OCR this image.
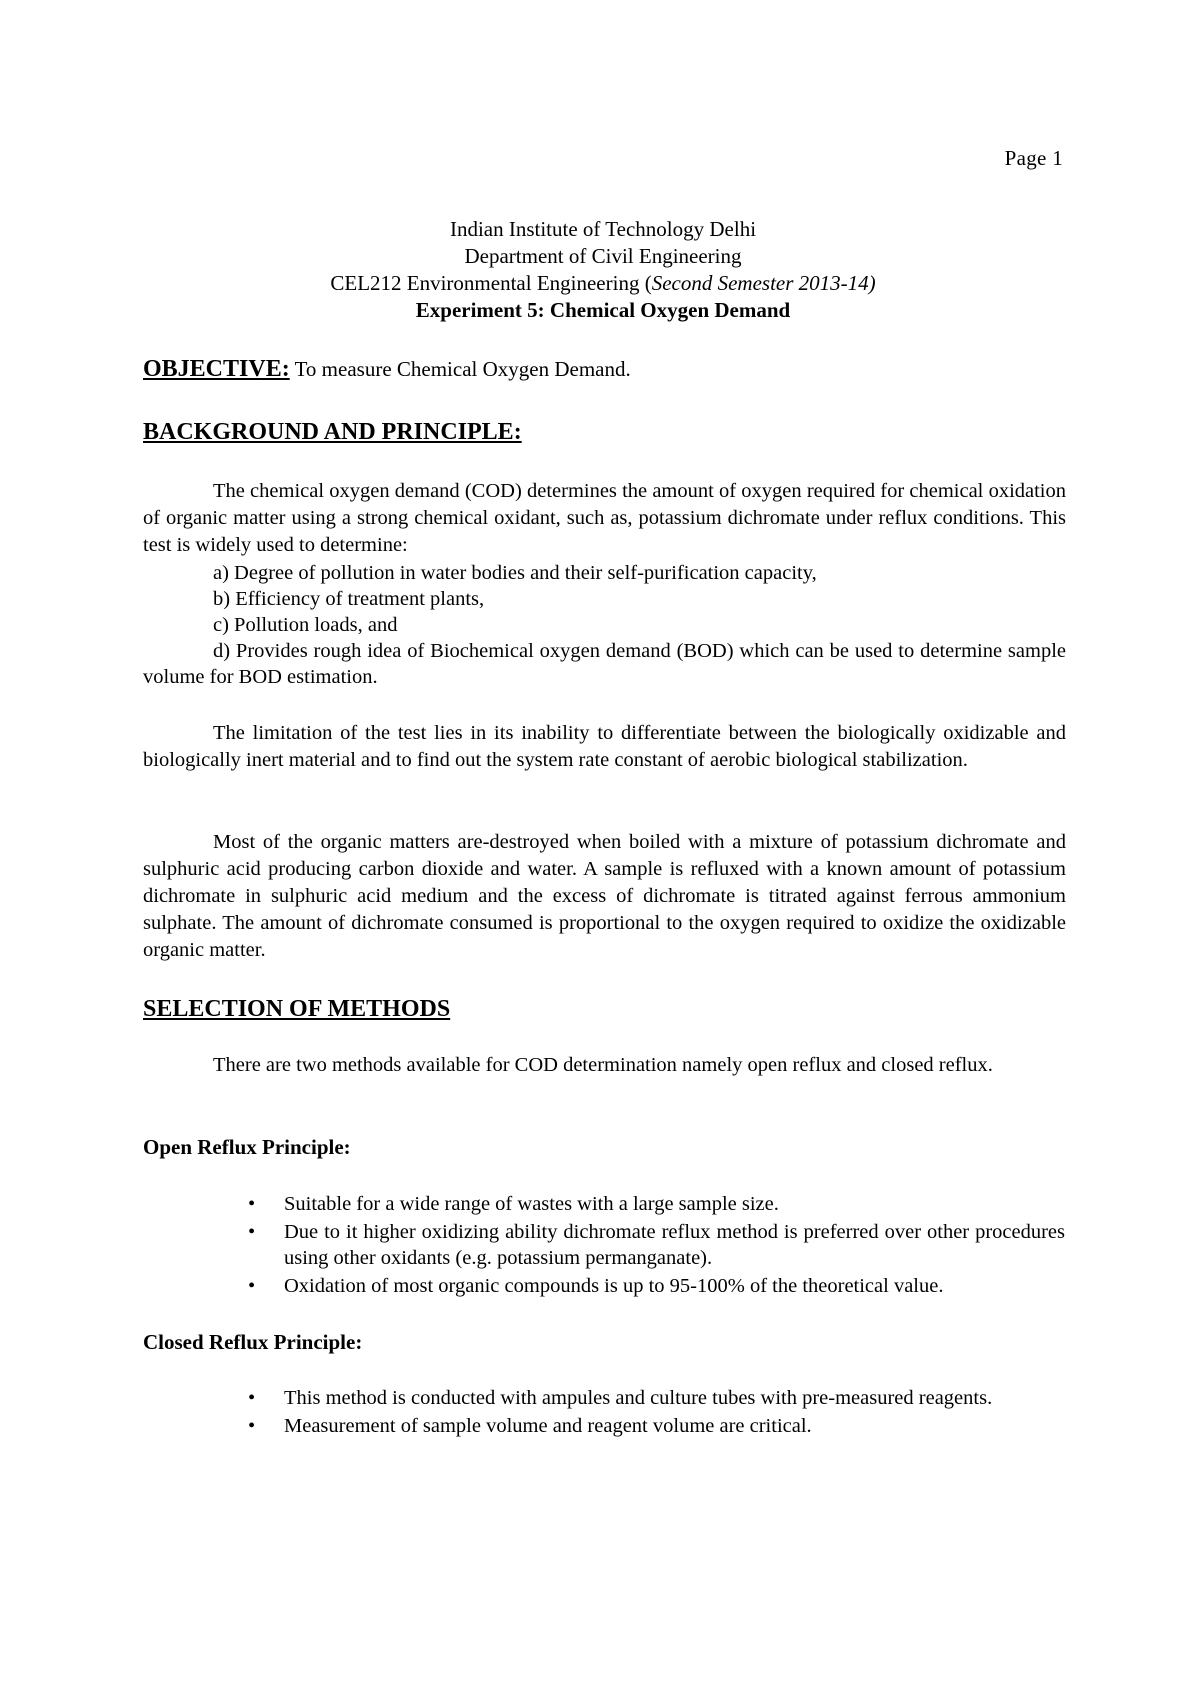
Page 1
Indian Institute of Technology Delhi
Department of Civil Engineering
CEL212 Environmental Engineering (Second Semester 2013-14)
Experiment 5: Chemical Oxygen Demand
OBJECTIVE: To measure Chemical Oxygen Demand.
BACKGROUND AND PRINCIPLE:

The chemical oxygen demand (COD) determines the amount of oxygen required for chemical oxidation of organic matter using a strong chemical oxidant, such as, potassium dichromate under reflux conditions. This test is widely used to determine:

a) Degree of pollution in water bodies and their self-purification capacity,
b) Efficiency of treatment plants,
c) Pollution loads, and

d) Provides rough idea of Biochemical oxygen demand (BOD) which can be used to determine sample volume for BOD estimation.

The limitation of the test lies in its inability to differentiate between the biologically oxidizable and biologically inert material and to find out the system rate constant of aerobic biological stabilization.

Most of the organic matters are-destroyed when boiled with a mixture of potassium dichromate and sulphuric acid producing carbon dioxide and water. A sample is refluxed with a known amount of potassium dichromate in sulphuric acid medium and the excess of dichromate is titrated against ferrous ammonium sulphate. The amount of dichromate consumed is proportional to the oxygen required to oxidize the oxidizable organic matter.

SELECTION OF METHODS

There are two methods available for COD determination namely open reflux and closed reflux.

Open Reflux Principle:
• Suitable for a wide range of wastes with a large sample size.
• Due to it higher oxidizing ability dichromate reflux method is preferred over other procedures using other oxidants (e.g. potassium permanganate).
• Oxidation of most organic compounds is up to 95-100% of the theoretical value.
Closed Reflux Principle:
• This method is conducted with ampules and culture tubes with pre-measured reagents.
• Measurement of sample volume and reagent volume are critical.
